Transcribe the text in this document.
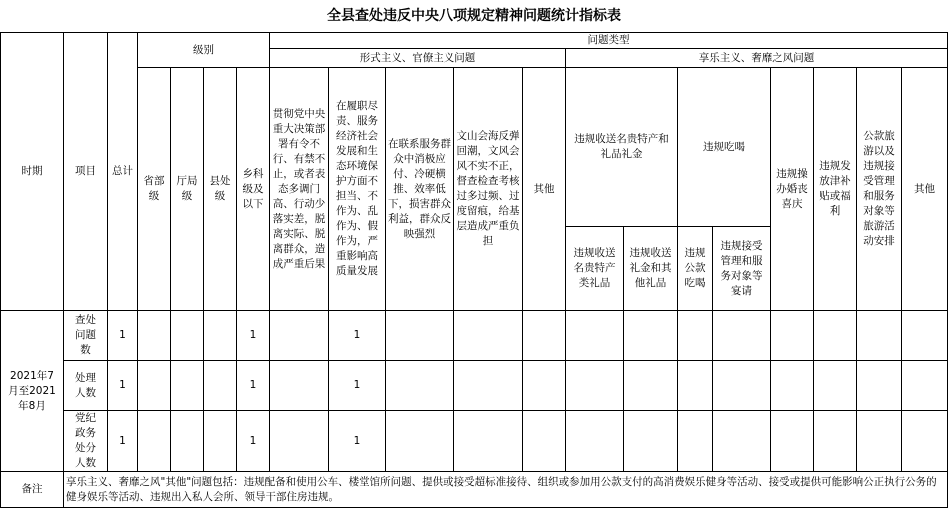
全县查处违反中央八项规定精神问题统计指标表
时期	项目	总计	级别				问题类型												
							形式主义、官僚主义问题					享乐主义、奢靡之风问题							

			省部级	厅局级	县处级	乡科级及以下	贯彻党中央重大决策部署有令不行、有禁不止，或者表态多调门高、行动少落实差，脱离实际、脱离群众，造成严重后果	在履职尽责、服务经济社会发展和生态环境保护方面不担当、不作为、乱作为、假作为，严重影响高质量发展	在联系服务群众中消极应付、冷硬横推、效率低下，损害群众利益，群众反映强烈	文山会海反弹回潮，文风会风不实不正，督查检查考核过多过频、过度留痕，给基层造成严重负担	其他	违规收送名贵特产和礼品礼金		违规吃喝		违规操办婚丧喜庆	违规发放津补贴或福利	公款旅游以及违规接受管理和服务对象等旅游活动安排	其他

												违规收送名贵特产类礼品	违规收送礼金和其他礼品	违规公款吃喝	违规接受管理和服务对象等宴请				

2021年7月至2021年8月	查处问题数	1				1		1											

	处理人数	1				1		1											

	党纪政务处分人数	1				1		1											
备注	享乐主义、奢靡之风"其他"问题包括：违规配备和使用公车、楼堂馆所问题、提供或接受超标准接待、组织或参加用公款支付的高消费娱乐健身等活动、接受或提供可能影响公正执行公务的健身娱乐等活动、违规出入私人会所、领导干部住房违规。																		
